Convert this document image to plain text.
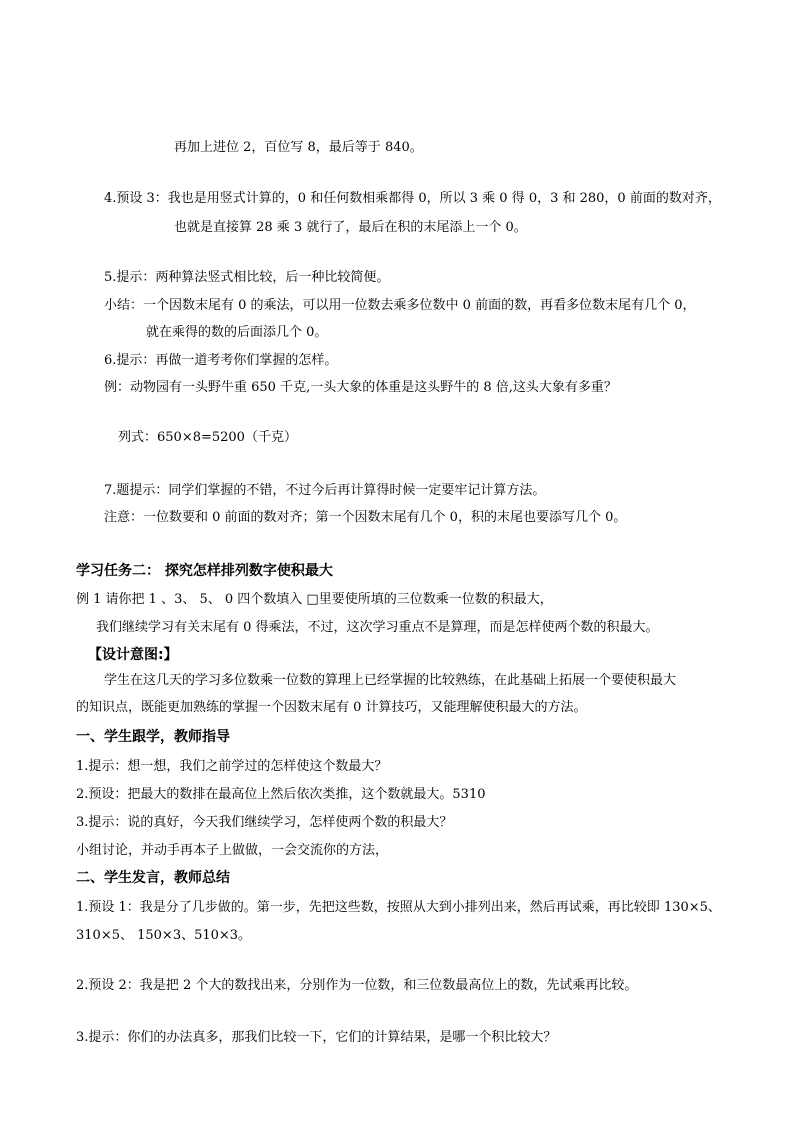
再加上进位 2，百位写 8，最后等于 840。
4.预设 3：我也是用竖式计算的，0 和任何数相乘都得 0，所以 3 乘 0 得 0，3 和 280，0 前面的数对齐，
也就是直接算 28 乘 3 就行了，最后在积的末尾添上一个 0。
5.提示：两种算法竖式相比较，后一种比较简便。
小结：一个因数末尾有 0 的乘法，可以用一位数去乘多位数中 0 前面的数，再看多位数末尾有几个 0，
就在乘得的数的后面添几个 0。
6.提示：再做一道考考你们掌握的怎样。
例：动物园有一头野牛重 650 千克,一头大象的体重是这头野牛的 8 倍,这头大象有多重？
列式：650×8=5200（千克）
7.题提示：同学们掌握的不错，不过今后再计算得时候一定要牢记计算方法。
注意：一位数要和 0 前面的数对齐；第一个因数末尾有几个 0，积的末尾也要添写几个 0。
学习任务二： 探究怎样排列数字使积最大
例 1 请你把 1 、3、 5、 0 四个数填入 □里要使所填的三位数乘一位数的积最大，
我们继续学习有关末尾有 0 得乘法，不过，这次学习重点不是算理，而是怎样使两个数的积最大。
【设计意图:】
学生在这几天的学习多位数乘一位数的算理上已经掌握的比较熟练，在此基础上拓展一个要使积最大
的知识点，既能更加熟练的掌握一个因数末尾有 0 计算技巧，又能理解使积最大的方法。
一、学生跟学，教师指导
1.提示：想一想，我们之前学过的怎样使这个数最大？
2.预设：把最大的数排在最高位上然后依次类推，这个数就最大。5310
3.提示：说的真好，今天我们继续学习，怎样使两个数的积最大？
小组讨论，并动手再本子上做做，一会交流你的方法，
二、学生发言，教师总结
1.预设 1：我是分了几步做的。第一步，先把这些数，按照从大到小排列出来，然后再试乘，再比较即 130×5、
310×5、 150×3、510×3。
2.预设 2：我是把 2 个大的数找出来，分别作为一位数，和三位数最高位上的数，先试乘再比较。
3.提示：你们的办法真多，那我们比较一下，它们的计算结果，是哪一个积比较大？
